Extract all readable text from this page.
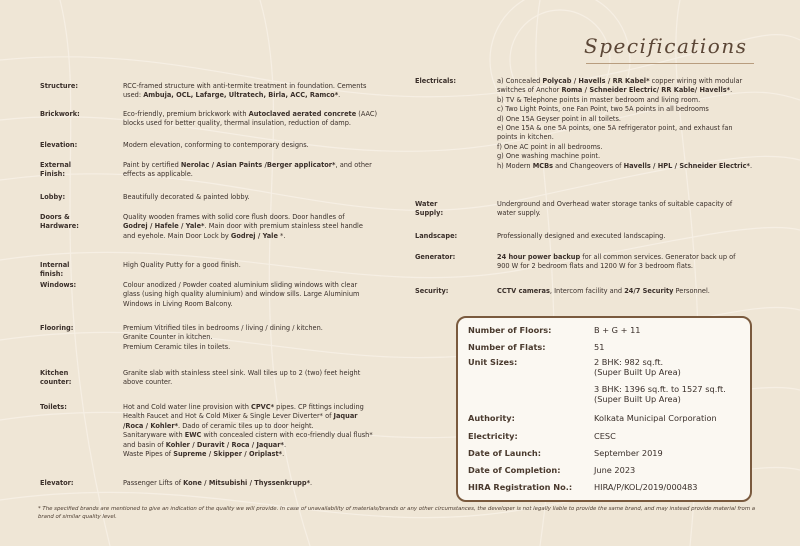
Specifications
Structure:	RCC-framed structure with anti-termite treatment in foundation. Cements
used: Ambuja, OCL, Lafarge, Ultratech, Birla, ACC, Ramco*.
Brickwork:	Eco-friendly, premium brickwork with Autoclaved aerated concrete (AAC)
blocks used for better quality, thermal insulation, reduction of damp.
Elevation:	Modern elevation, conforming to contemporary designs.
External Finish:
Paint by certified Nerolac / Asian Paints /Berger applicator*, and other
effects as applicable.
Lobby:	Beautifully decorated & painted lobby.
Doors & Hardware:
Quality wooden frames with solid core flush doors. Door handles of
Godrej / Hafele / Yale*. Main door with premium stainless steel handle
and eyehole. Main Door Lock by Godrej / Yale *.
Internal finish:
High Quality Putty for a good finish.
Windows:	Colour anodized / Powder coated aluminium sliding windows with clear
glass (using high quality aluminium) and window sills. Large Aluminium
Windows in Living Room Balcony.
Flooring:	Premium Vitrified tiles in bedrooms / living / dining / kitchen.
Granite Counter in kitchen.
Premium Ceramic tiles in toilets.
Kitchen counter:
Granite slab with stainless steel sink. Wall tiles up to 2 (two) feet height
above counter.
Toilets:	Hot and Cold water line provision with CPVC* pipes. CP fittings including
Health Faucet and Hot & Cold Mixer & Single Lever Diverter* of Jaquar
/Roca / Kohler*. Dado of ceramic tiles up to door height.
Sanitaryware with EWC with concealed cistern with eco-friendly dual flush*
and basin of Kohler / Duravit / Roca / Jaquar*.
Waste Pipes of Supreme / Skipper / Oriplast*.
Elevator:	Passenger Lifts of Kone / Mitsubishi / Thyssenkrupp*.
Electricals:	a) Concealed Polycab / Havells / RR Kabel* copper wiring with modular
switches of Anchor Roma / Schneider Electric/ RR Kable/ Havells*.
b) TV & Telephone points in master bedroom and living room.
c) Two Light Points, one Fan Point, two 5A points in all bedrooms
d) One 15A Geyser point in all toilets.
e) One 15A & one 5A points, one 5A refrigerator point, and exhaust fan
points in kitchen.
f) One AC point in all bedrooms.
g) One washing machine point.
h) Modern MCBs and Changeovers of Havells / HPL / Schneider Electric*.
Water Supply:
Underground and Overhead water storage tanks of suitable capacity of
water supply.
Landscape:	Professionally designed and executed landscaping.
Generator:	24 hour power backup for all common services. Generator back up of
900 W for 2 bedroom flats and 1200 W for 3 bedroom flats.
Security:	CCTV cameras, Intercom facility and 24/7 Security Personnel.
Number of Floors:	B + G + 11
Number of Flats:	51
Unit Sizes:	2 BHK: 982 sq.ft.
(Super Built Up Area)
3 BHK: 1396 sq.ft. to 1527 sq.ft.
(Super Built Up Area)
Authority:	Kolkata Municipal Corporation
Electricity:	CESC
Date of Launch:	September 2019
Date of Completion:	June 2023
HIRA Registration No.:	HIRA/P/KOL/2019/000483
* The specified brands are mentioned to give an indication of the quality we will provide. In case of unavailability of materials/brands or any other circumstances, the developer is not legally liable to provide the same brand, and may instead provide material from a brand of similar quality level.
